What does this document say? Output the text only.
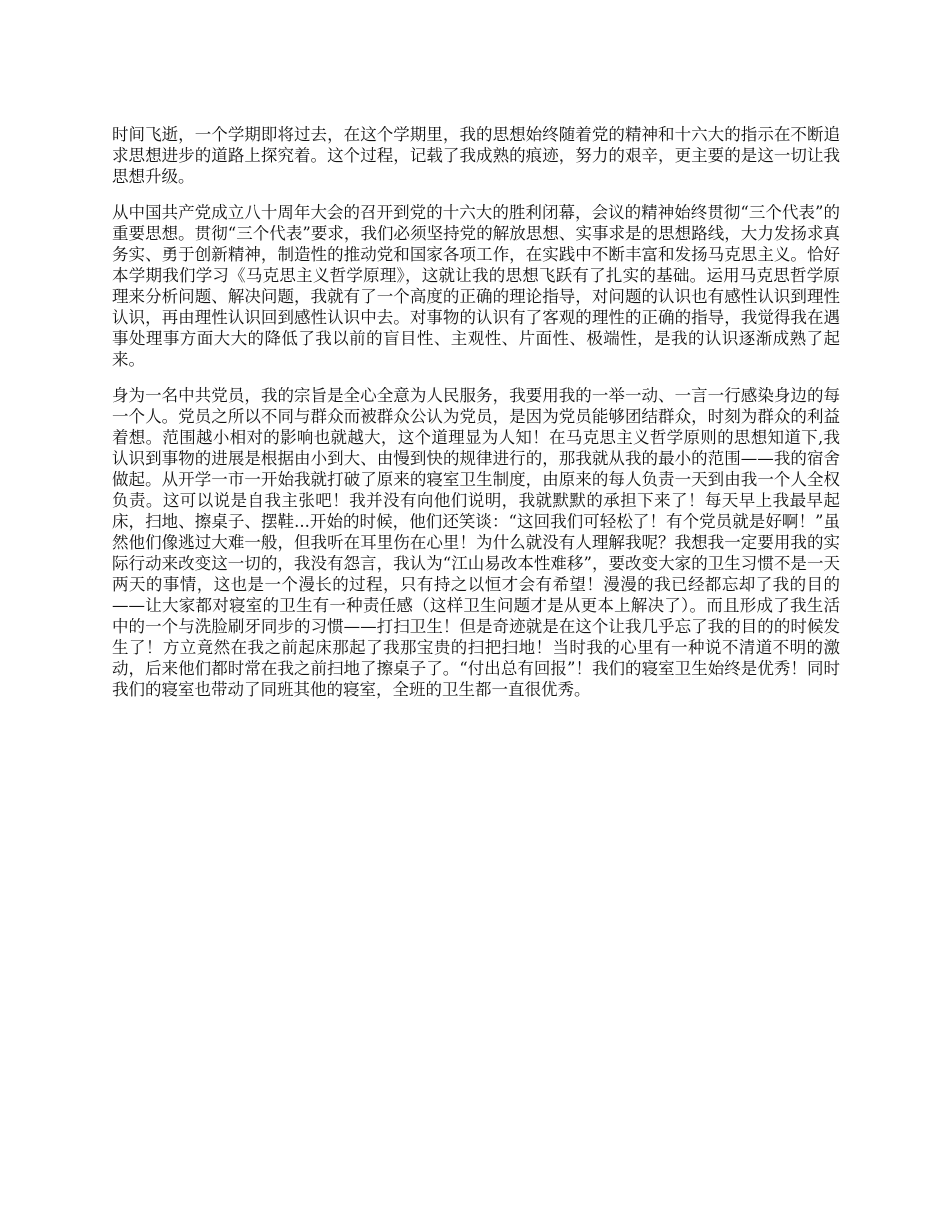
时间飞逝，一个学期即将过去，在这个学期里，我的思想始终随着党的精神和十六大的指示在不断追求思想进步的道路上探究着。这个过程，记载了我成熟的痕迹，努力的艰辛，更主要的是这一切让我思想升级。

从中国共产党成立八十周年大会的召开到党的十六大的胜利闭幕，会议的精神始终贯彻“三个代表”的重要思想。贯彻“三个代表”要求，我们必须坚持党的解放思想、实事求是的思想路线，大力发扬求真务实、勇于创新精神，制造性的推动党和国家各项工作，在实践中不断丰富和发扬马克思主义。恰好本学期我们学习《马克思主义哲学原理》，这就让我的思想飞跃有了扎实的基础。运用马克思哲学原理来分析问题、解决问题，我就有了一个高度的正确的理论指导，对问题的认识也有感性认识到理性认识，再由理性认识回到感性认识中去。对事物的认识有了客观的理性的正确的指导，我觉得我在遇事处理事方面大大的降低了我以前的盲目性、主观性、片面性、极端性，是我的认识逐渐成熟了起来。

身为一名中共党员，我的宗旨是全心全意为人民服务，我要用我的一举一动、一言一行感染身边的每一个人。党员之所以不同与群众而被群众公认为党员，是因为党员能够团结群众，时刻为群众的利益着想。范围越小相对的影响也就越大，这个道理显为人知！在马克思主义哲学原则的思想知道下,我认识到事物的进展是根据由小到大、由慢到快的规律进行的，那我就从我的最小的范围——我的宿舍做起。从开学一市一开始我就打破了原来的寝室卫生制度，由原来的每人负责一天到由我一个人全权负责。这可以说是自我主张吧！我并没有向他们说明，我就默默的承担下来了！每天早上我最早起床，扫地、擦桌子、摆鞋...开始的时候，他们还笑谈：“这回我们可轻松了！有个党员就是好啊！”虽然他们像逃过大难一般，但我听在耳里伤在心里！为什么就没有人理解我呢？我想我一定要用我的实际行动来改变这一切的，我没有怨言，我认为“江山易改本性难移”，要改变大家的卫生习惯不是一天两天的事情，这也是一个漫长的过程，只有持之以恒才会有希望！漫漫的我已经都忘却了我的目的——让大家都对寝室的卫生有一种责任感（这样卫生问题才是从更本上解决了）。而且形成了我生活中的一个与洗脸刷牙同步的习惯——打扫卫生！但是奇迹就是在这个让我几乎忘了我的目的的时候发生了！方立竟然在我之前起床那起了我那宝贵的扫把扫地！当时我的心里有一种说不清道不明的激动，后来他们都时常在我之前扫地了擦桌子了。“付出总有回报”！我们的寝室卫生始终是优秀！同时我们的寝室也带动了同班其他的寝室，全班的卫生都一直很优秀。
